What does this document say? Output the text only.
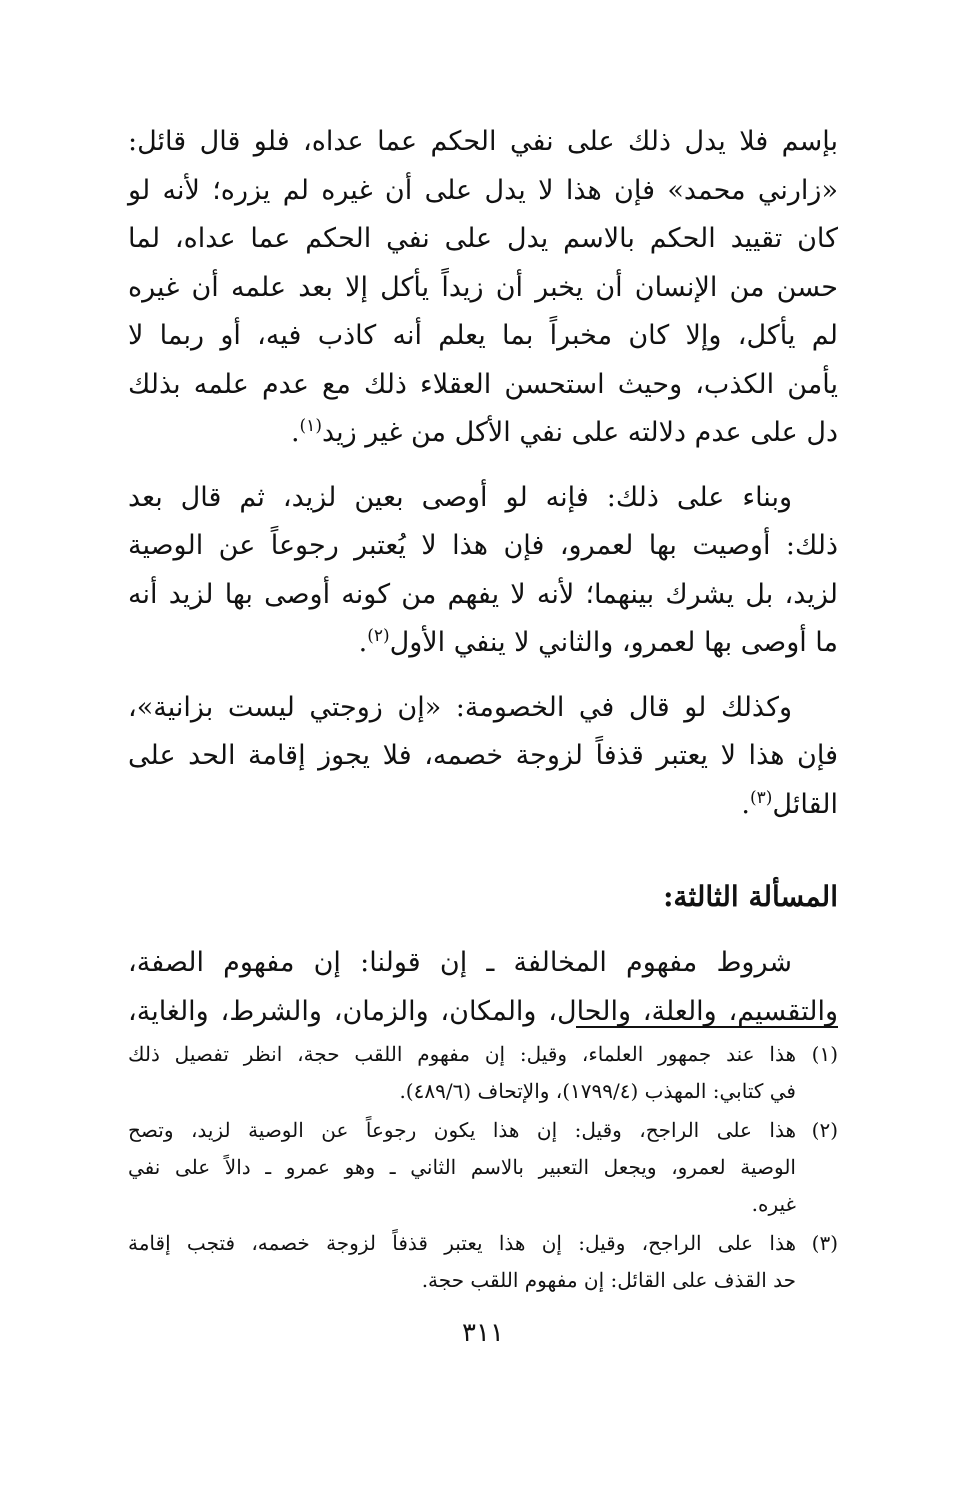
بإسم فلا يدل ذلك على نفي الحكم عما عداه، فلو قال قائل:
«زارني محمد» فإن هذا لا يدل على أن غيره لم يزره؛ لأنه لو
كان تقييد الحكم بالاسم يدل على نفي الحكم عما عداه، لما
حسن من الإنسان أن يخبر أن زيداً يأكل إلا بعد علمه أن غيره
لم يأكل، وإلا كان مخبراً بما يعلم أنه كاذب فيه، أو ربما لا
يأمن الكذب، وحيث استحسن العقلاء ذلك مع عدم علمه بذلك
دل على عدم دلالته على نفي الأكل من غير زيد$^{(١)}$.

وبناء على ذلك: فإنه لو أوصى بعين لزيد، ثم قال بعد
ذلك: أوصيت بها لعمرو، فإن هذا لا يُعتبر رجوعاً عن الوصية
لزيد، بل يشرك بينهما؛ لأنه لا يفهم من كونه أوصى بها لزيد أنه
ما أوصى بها لعمرو، والثاني لا ينفي الأول$^{(٢)}$.

وكذلك لو قال في الخصومة: «إن زوجتي ليست بزانية»،
فإن هذا لا يعتبر قذفاً لزوجة خصمه، فلا يجوز إقامة الحد على
القائل$^{(٣)}$.

المسألة الثالثة:

شروط مفهوم المخالفة ـ إن قولنا: إن مفهوم الصفة،
والتقسيم، والعلة، والحال، والمكان، والزمان، والشرط، والغاية،

(١)
هذا عند جمهور العلماء، وقيل: إن مفهوم اللقب حجة، انظر تفصيل ذلك
في كتابي: المهذب (١٧٩٩/٤)، والإتحاف (٤٨٩/٦).
(٢)
هذا على الراجح، وقيل: إن هذا يكون رجوعاً عن الوصية لزيد، وتصح
الوصية لعمرو، ويجعل التعبير بالاسم الثاني ـ وهو عمرو ـ دالاً على نفي
غيره.
(٣)
هذا على الراجح، وقيل: إن هذا يعتبر قذفاً لزوجة خصمه، فتجب إقامة
حد القذف على القائل: إن مفهوم اللقب حجة.
٣١١
